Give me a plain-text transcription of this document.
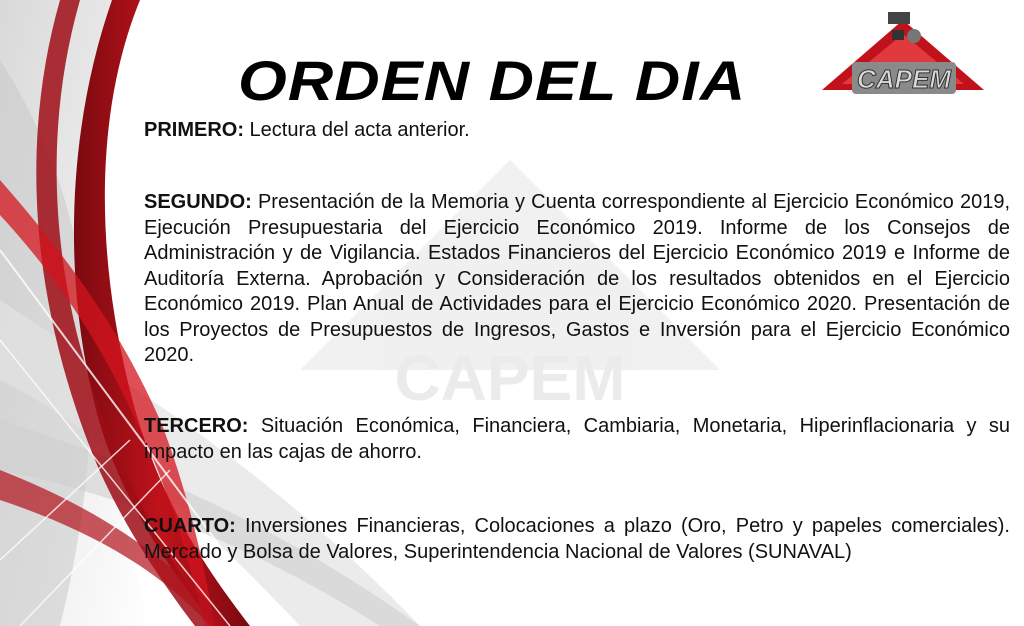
CAPEM
ORDEN DEL DIA	CAPEM

PRIMERO: Lectura del acta anterior.

SEGUNDO: Presentación de la Memoria y Cuenta correspondiente al Ejercicio Económico 2019, Ejecución Presupuestaria del Ejercicio Económico 2019. Informe de los Consejos de Administración y de Vigilancia. Estados Financieros del Ejercicio Económico 2019 e Informe de Auditoría Externa. Aprobación y Consideración de los resultados obtenidos en el Ejercicio Económico 2019. Plan Anual de Actividades para el Ejercicio Económico 2020. Presentación de los Proyectos de Presupuestos de Ingresos, Gastos e Inversión para el Ejercicio Económico 2020.

TERCERO: Situación Económica, Financiera, Cambiaria, Monetaria, Hiperinflacionaria y su impacto en las cajas de ahorro.

CUARTO: Inversiones Financieras, Colocaciones a plazo (Oro, Petro y papeles comerciales). Mercado y Bolsa de Valores, Superintendencia Nacional de Valores (SUNAVAL)
